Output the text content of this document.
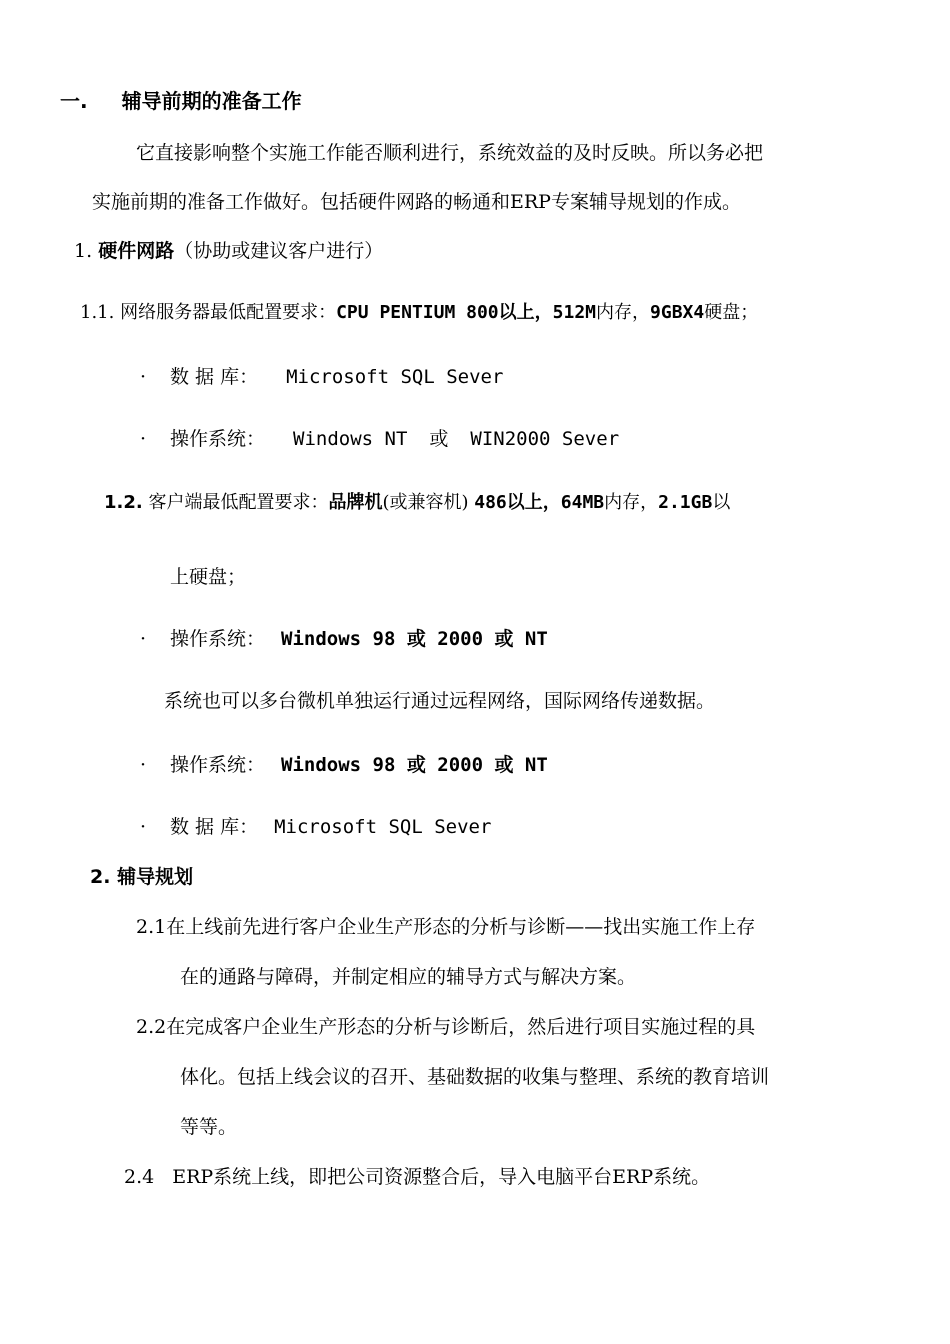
一. 辅导前期的准备工作
它直接影响整个实施工作能否顺利进行，系统效益的及时反映。所以务必把
实施前期的准备工作做好。包括硬件网路的畅通和ERP专案辅导规划的作成。
1. 硬件网路（协助或建议客户进行）
1.1. 网络服务器最低配置要求：CPU PENTIUM 800以上，512M内存，9GBX4硬盘；
· 数 据 库： Microsoft SQL Sever
· 操作系统： Windows NT 或 WIN2000 Sever
1.2. 客户端最低配置要求：品牌机(或兼容机) 486以上，64MB内存，2.1GB以
上硬盘；
· 操作系统： Windows 98 或 2000 或 NT
系统也可以多台微机单独运行通过远程网络，国际网络传递数据。
· 操作系统： Windows 98 或 2000 或 NT
· 数 据 库： Microsoft SQL Sever
2. 辅导规划
2.1在上线前先进行客户企业生产形态的分析与诊断——找出实施工作上存
在的通路与障碍，并制定相应的辅导方式与解决方案。
2.2在完成客户企业生产形态的分析与诊断后，然后进行项目实施过程的具
体化。包括上线会议的召开、基础数据的收集与整理、系统的教育培训
等等。
2.4 ERP系统上线，即把公司资源整合后，导入电脑平台ERP系统。
